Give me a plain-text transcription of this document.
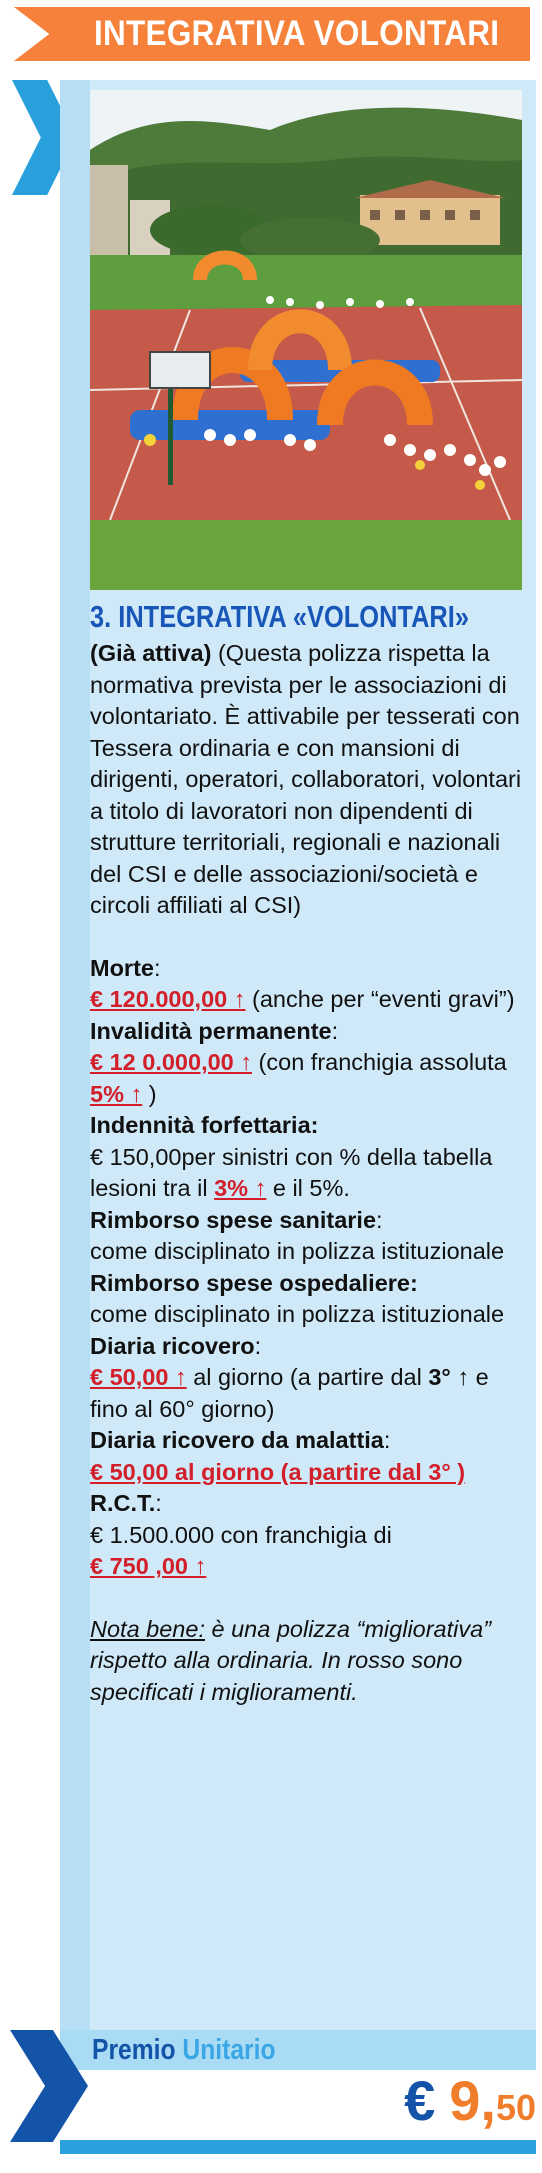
INTEGRATIVA VOLONTARI
3. INTEGRATIVA «VOLONTARI»

(Già attiva) (Questa polizza rispetta la normativa prevista per le associazioni di volontariato. È attivabile per tesserati con Tessera ordinaria e con mansioni di dirigenti, operatori, collaboratori, volontari a titolo di lavoratori non dipendenti di strutture territoriali, regionali e nazionali del CSI e delle associazioni/società e circoli affiliati al CSI)

Morte:
€ 120.000,00 ↑ (anche per “eventi gravi”)

Invalidità permanente:
€ 12 0.000,00 ↑ (con franchigia assoluta 5% ↑ )

Indennità forfettaria:
€ 150,00per sinistri con % della tabella lesioni tra il 3% ↑ e il 5%.

Rimborso spese sanitarie:
come disciplinato in polizza istituzionale

Rimborso spese ospedaliere:
come disciplinato in polizza istituzionale

Diaria ricovero:
€ 50,00 ↑ al giorno (a partire dal 3° ↑ e fino al 60° giorno)

Diaria ricovero da malattia:
€ 50,00 al giorno (a partire dal 3° )

R.C.T.:
€ 1.500.000 con franchigia di
€ 750 ,00 ↑

Nota bene: è una polizza “migliorativa” rispetto alla ordinaria. In rosso sono specificati i miglioramenti.

Premio Unitario
€ 9,50
